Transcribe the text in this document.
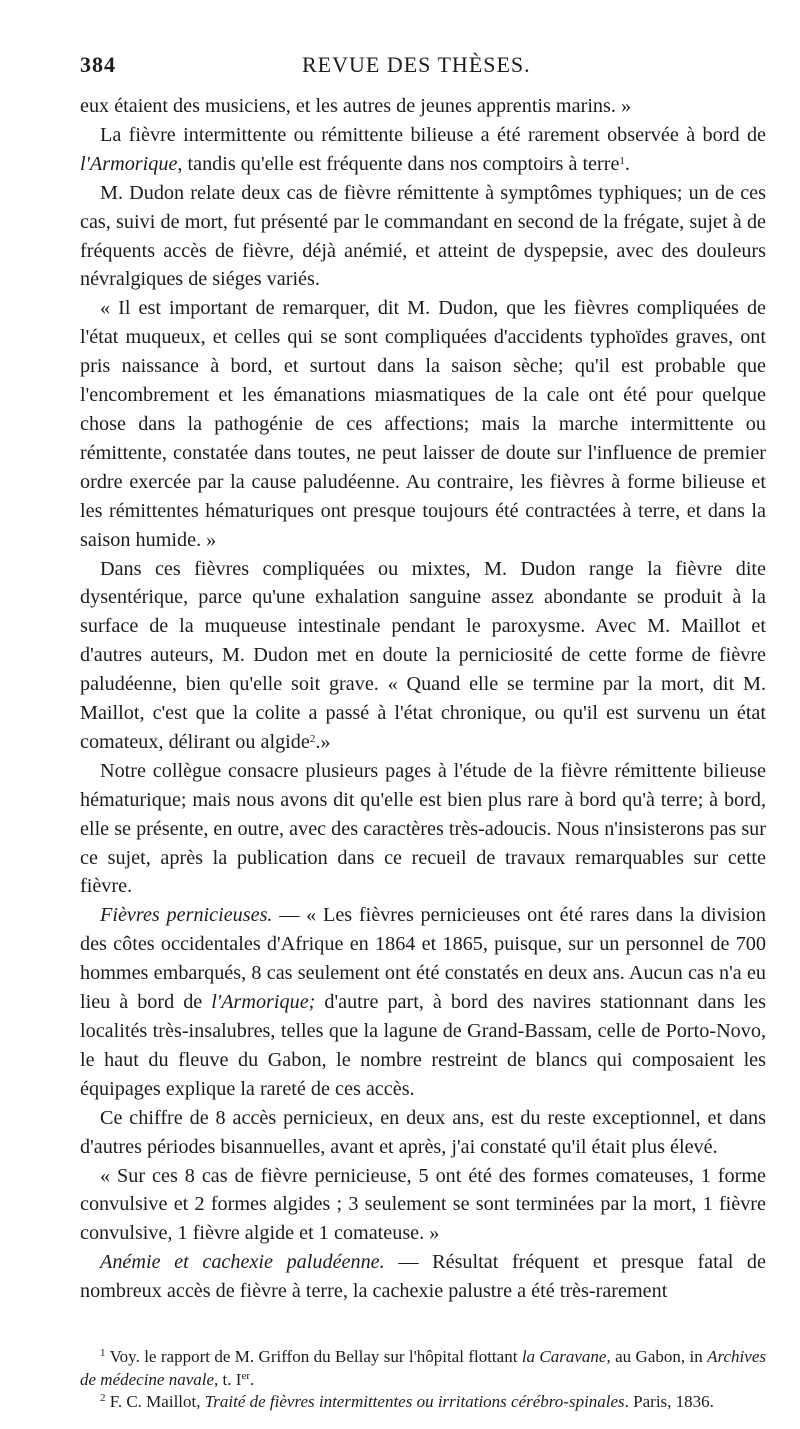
384	REVUE DES THÈSES.

eux étaient des musiciens, et les autres de jeunes apprentis marins. »

La fièvre intermittente ou rémittente bilieuse a été rarement observée à bord de l'Armorique, tandis qu'elle est fréquente dans nos comptoirs à terre$^1$.

M. Dudon relate deux cas de fièvre rémittente à symptômes typhiques; un de ces cas, suivi de mort, fut présenté par le commandant en second de la frégate, sujet à de fréquents accès de fièvre, déjà anémié, et atteint de dyspepsie, avec des douleurs névralgiques de siéges variés.

« Il est important de remarquer, dit M. Dudon, que les fièvres compliquées de l'état muqueux, et celles qui se sont compliquées d'accidents typhoïdes graves, ont pris naissance à bord, et surtout dans la saison sèche; qu'il est probable que l'encombrement et les émanations miasmatiques de la cale ont été pour quelque chose dans la pathogénie de ces affections; mais la marche intermittente ou rémittente, constatée dans toutes, ne peut laisser de doute sur l'influence de premier ordre exercée par la cause paludéenne. Au contraire, les fièvres à forme bilieuse et les rémittentes hématuriques ont presque toujours été contractées à terre, et dans la saison humide. »

Dans ces fièvres compliquées ou mixtes, M. Dudon range la fièvre dite dysentérique, parce qu'une exhalation sanguine assez abondante se produit à la surface de la muqueuse intestinale pendant le paroxysme. Avec M. Maillot et d'autres auteurs, M. Dudon met en doute la perniciosité de cette forme de fièvre paludéenne, bien qu'elle soit grave. « Quand elle se termine par la mort, dit M. Maillot, c'est que la colite a passé à l'état chronique, ou qu'il est survenu un état comateux, délirant ou algide$^2$.»

Notre collègue consacre plusieurs pages à l'étude de la fièvre rémittente bilieuse hématurique; mais nous avons dit qu'elle est bien plus rare à bord qu'à terre; à bord, elle se présente, en outre, avec des caractères très-adoucis. Nous n'insisterons pas sur ce sujet, après la publication dans ce recueil de travaux remarquables sur cette fièvre.

Fièvres pernicieuses. — « Les fièvres pernicieuses ont été rares dans la division des côtes occidentales d'Afrique en 1864 et 1865, puisque, sur un personnel de 700 hommes embarqués, 8 cas seulement ont été constatés en deux ans. Aucun cas n'a eu lieu à bord de l'Armorique; d'autre part, à bord des navires stationnant dans les localités très-insalubres, telles que la lagune de Grand-Bassam, celle de Porto-Novo, le haut du fleuve du Gabon, le nombre restreint de blancs qui composaient les équipages explique la rareté de ces accès.

Ce chiffre de 8 accès pernicieux, en deux ans, est du reste exceptionnel, et dans d'autres périodes bisannuelles, avant et après, j'ai constaté qu'il était plus élevé.

« Sur ces 8 cas de fièvre pernicieuse, 5 ont été des formes comateuses, 1 forme convulsive et 2 formes algides ; 3 seulement se sont terminées par la mort, 1 fièvre convulsive, 1 fièvre algide et 1 comateuse. »

Anémie et cachexie paludéenne. — Résultat fréquent et presque fatal de nombreux accès de fièvre à terre, la cachexie palustre a été très-rarement

$^1$ Voy. le rapport de M. Griffon du Bellay sur l'hôpital flottant la Caravane, au Gabon, in Archives de médecine navale, t. Ier.

$^2$ F. C. Maillot, Traité de fièvres intermittentes ou irritations cérébro-spinales. Paris, 1836.
